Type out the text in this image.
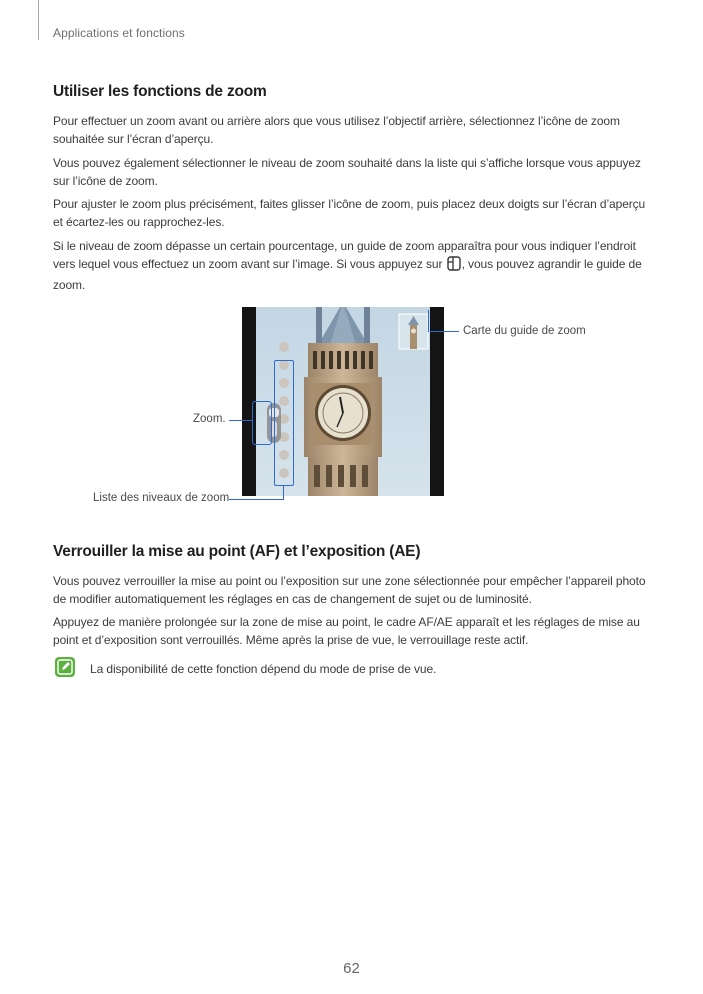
Applications et fonctions
Utiliser les fonctions de zoom
Pour effectuer un zoom avant ou arrière alors que vous utilisez l’objectif arrière, sélectionnez l’icône de zoom souhaitée sur l’écran d’aperçu.
Vous pouvez également sélectionner le niveau de zoom souhaité dans la liste qui s’affiche lorsque vous appuyez sur l’icône de zoom.
Pour ajuster le zoom plus précisément, faites glisser l’icône de zoom, puis placez deux doigts sur l’écran d’aperçu et écartez-les ou rapprochez-les.
Si le niveau de zoom dépasse un certain pourcentage, un guide de zoom apparaîtra pour vous indiquer l’endroit vers lequel vous effectuez un zoom avant sur l’image. Si vous appuyez sur , vous pouvez agrandir le guide de zoom.
Carte du guide de zoom
Zoom.
Liste des niveaux de zoom
Verrouiller la mise au point (AF) et l’exposition (AE)
Vous pouvez verrouiller la mise au point ou l’exposition sur une zone sélectionnée pour empêcher l’appareil photo de modifier automatiquement les réglages en cas de changement de sujet ou de luminosité.
Appuyez de manière prolongée sur la zone de mise au point, le cadre AF/AE apparaît et les réglages de mise au point et d’exposition sont verrouillés. Même après la prise de vue, le verrouillage reste actif.
La disponibilité de cette fonction dépend du mode de prise de vue.
62
